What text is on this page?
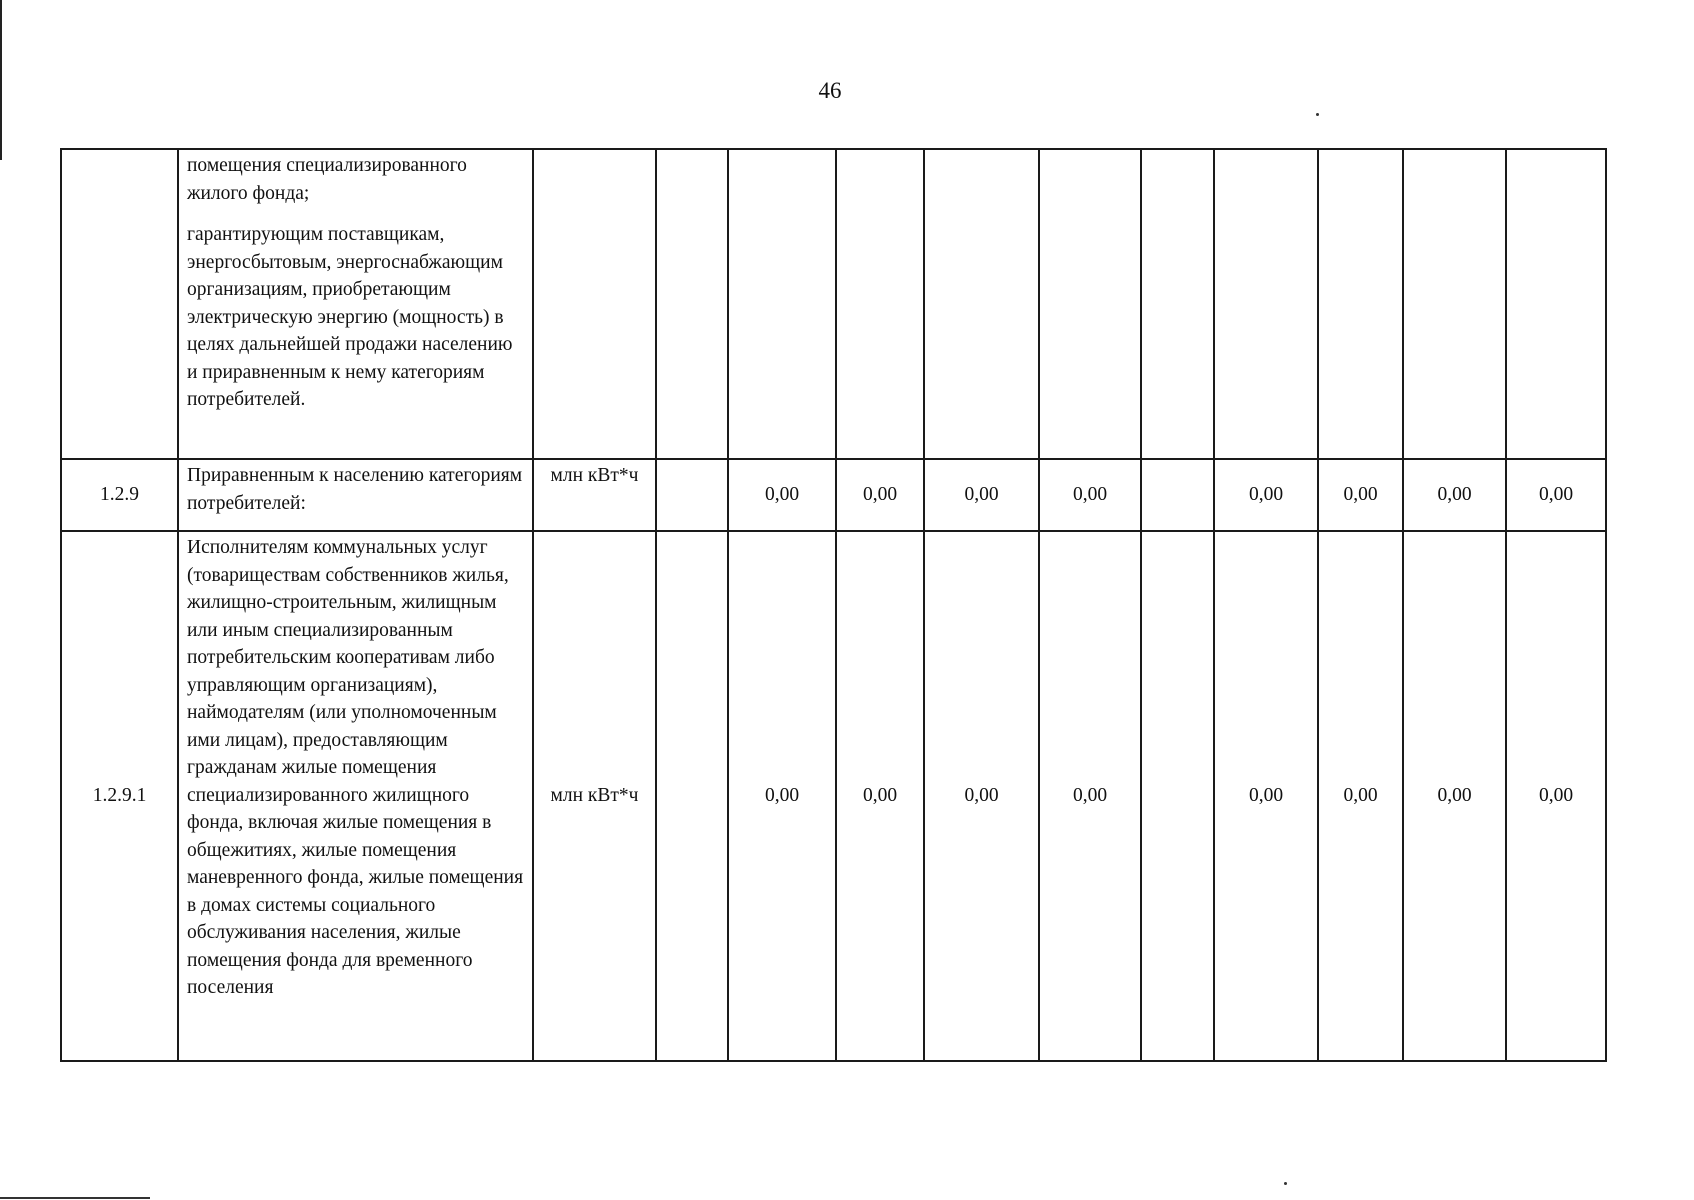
46

	помещения специализированного жилого фонда;

гарантирующим поставщикам, энергосбытовым, энергоснабжающим организациям, приобретающим электрическую энергию (мощность) в целях дальнейшей продажи населению и приравненным к нему категориям потребителей.											

1.2.9	Приравненным к населению категориям потребителей:	млн кВт*ч		0,00	0,00	0,00	0,00		0,00	0,00	0,00	0,00
1.2.9.1	Исполнителям коммунальных услуг (товариществам собственников жилья, жилищно-строительным, жилищным или иным специализированным потребительским кооперативам либо управляющим организациям), наймодателям (или уполномоченным ими лицам), предоставляющим гражданам жилые помещения специализированного жилищного фонда, включая жилые помещения в общежитиях, жилые помещения маневренного фонда, жилые помещения в домах системы социального обслуживания населения, жилые помещения фонда для временного поселения	млн кВт*ч		0,00	0,00	0,00	0,00		0,00	0,00	0,00	0,00
